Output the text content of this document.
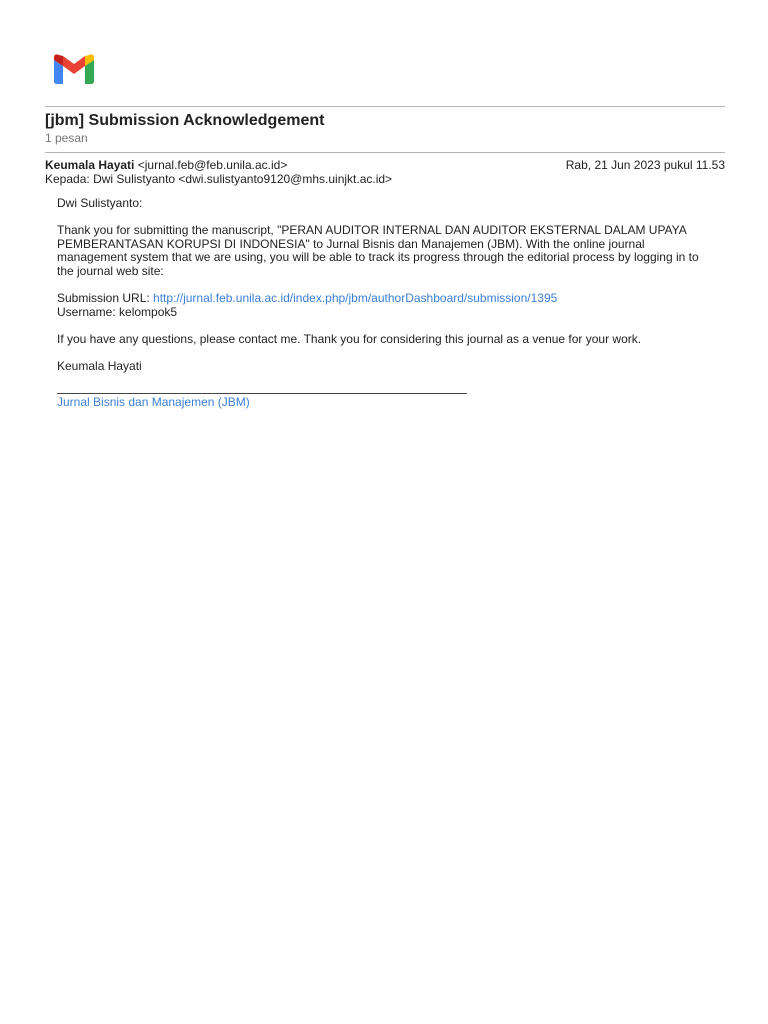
[jbm] Submission Acknowledgement
1 pesan
Keumala Hayati <jurnal.feb@feb.unila.ac.id>	Rab, 21 Jun 2023 pukul 11.53
Kepada: Dwi Sulistyanto <dwi.sulistyanto9120@mhs.uinjkt.ac.id>

Dwi Sulistyanto:

Thank you for submitting the manuscript, "PERAN AUDITOR INTERNAL DAN AUDITOR EKSTERNAL DALAM UPAYA PEMBERANTASAN KORUPSI DI INDONESIA" to Jurnal Bisnis dan Manajemen (JBM). With the online journal management system that we are using, you will be able to track its progress through the editorial process by logging in to the journal web site:

Submission URL: http://jurnal.feb.unila.ac.id/index.php/jbm/authorDashboard/submission/1395
Username: kelompok5

If you have any questions, please contact me. Thank you for considering this journal as a venue for your work.

Keumala Hayati
Jurnal Bisnis dan Manajemen (JBM)
